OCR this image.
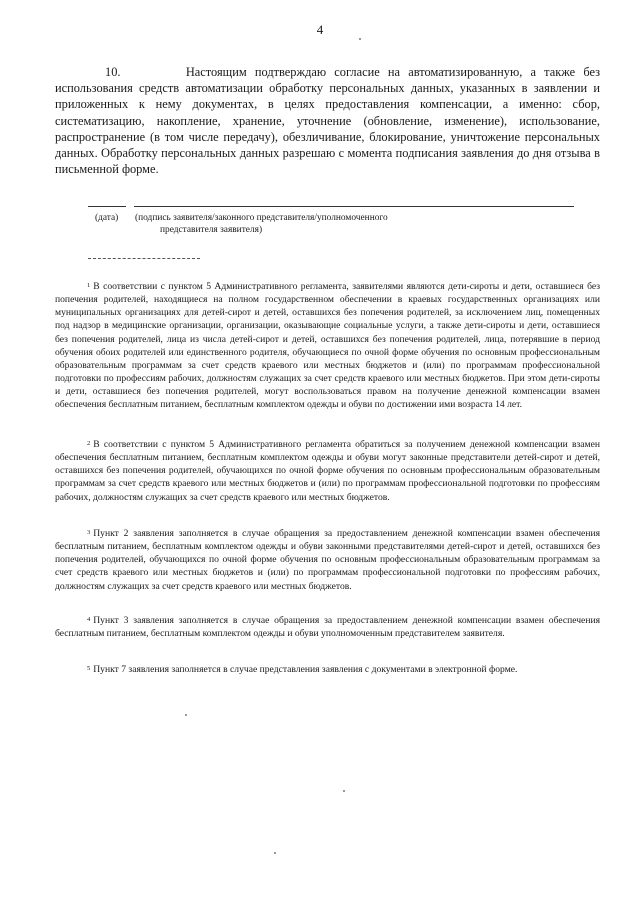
4

10.	Настоящим подтверждаю согласие на автоматизированную, а также без использования средств автоматизации обработку персональных данных, указанных в заявлении и приложенных к нему документах, в целях предоставления компенсации, а именно: сбор, систематизацию, накопление, хранение, уточнение (обновление, изменение), использование, распространение (в том числе передачу), обезличивание, блокирование, уничтожение персональных данных. Обработку персональных данных разрешаю с момента подписания заявления до дня отзыва в письменной форме.

(дата) (подпись заявителя/законного представителя/уполномоченного
представителя заявителя)

$^1$ В соответствии с пунктом 5 Административного регламента, заявителями являются дети-сироты и дети, оставшиеся без попечения родителей, находящиеся на полном государственном обеспечении в краевых государственных организациях или муниципальных организациях для детей-сирот и детей, оставшихся без попечения родителей, за исключением лиц, помещенных под надзор в медицинские организации, организации, оказывающие социальные услуги, а также дети-сироты и дети, оставшиеся без попечения родителей, лица из числа детей-сирот и детей, оставшихся без попечения родителей, лица, потерявшие в период обучения обоих родителей или единственного родителя, обучающиеся по очной форме обучения по основным профессиональным образовательным программам за счет средств краевого или местных бюджетов и (или) по программам профессиональной подготовки по профессиям рабочих, должностям служащих за счет средств краевого или местных бюджетов. При этом дети-сироты и дети, оставшиеся без попечения родителей, могут воспользоваться правом на получение денежной компенсации взамен обеспечения бесплатным питанием, бесплатным комплектом одежды и обуви по достижении ими возраста 14 лет.

$^2$ В соответствии с пунктом 5 Административного регламента обратиться за получением денежной компенсации взамен обеспечения бесплатным питанием, бесплатным комплектом одежды и обуви могут законные представители детей-сирот и детей, оставшихся без попечения родителей, обучающихся по очной форме обучения по основным профессиональным образовательным программам за счет средств краевого или местных бюджетов и (или) по программам профессиональной подготовки по профессиям рабочих, должностям служащих за счет средств краевого или местных бюджетов.

$^3$ Пункт 2 заявления заполняется в случае обращения за предоставлением денежной компенсации взамен обеспечения бесплатным питанием, бесплатным комплектом одежды и обуви законными представителями детей-сирот и детей, оставшихся без попечения родителей, обучающихся по очной форме обучения по основным профессиональным образовательным программам за счет средств краевого или местных бюджетов и (или) по программам профессиональной подготовки по профессиям рабочих, должностям служащих за счет средств краевого или местных бюджетов.

$^4$ Пункт 3 заявления заполняется в случае обращения за предоставлением денежной компенсации взамен обеспечения бесплатным питанием, бесплатным комплектом одежды и обуви уполномоченным представителем заявителя.

$^5$ Пункт 7 заявления заполняется в случае представления заявления с документами в электронной форме.
